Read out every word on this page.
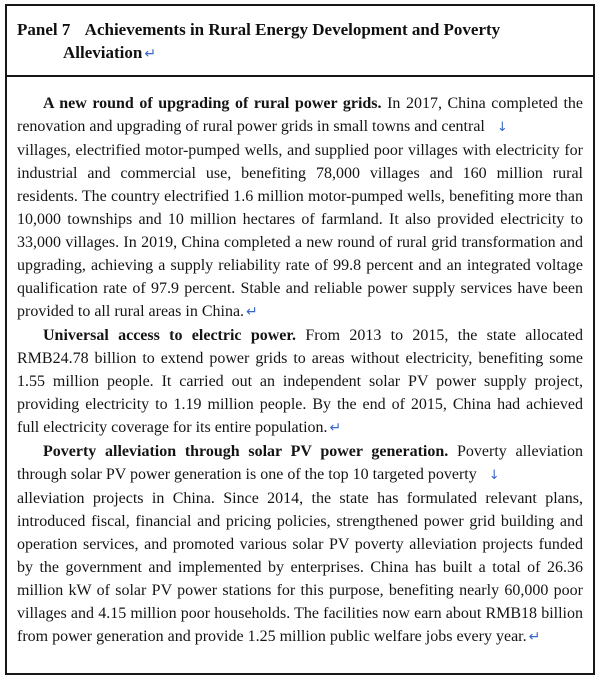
Panel 7 Achievements in Rural Energy Development and Poverty
Alleviation ↵

A new round of upgrading of rural power grids. In 2017, China completed the renovation and upgrading of rural power grids in small towns and central ↓
villages, electrified motor-pumped wells, and supplied poor villages with electricity for industrial and commercial use, benefiting 78,000 villages and 160 million rural residents. The country electrified 1.6 million motor-pumped wells, benefiting more than 10,000 townships and 10 million hectares of farmland. It also provided electricity to 33,000 villages. In 2019, China completed a new round of rural grid transformation and upgrading, achieving a supply reliability rate of 99.8 percent and an integrated voltage qualification rate of 97.9 percent. Stable and reliable power supply services have been provided to all rural areas in China. ↵

Universal access to electric power. From 2013 to 2015, the state allocated RMB24.78 billion to extend power grids to areas without electricity, benefiting some 1.55 million people. It carried out an independent solar PV power supply project, providing electricity to 1.19 million people. By the end of 2015, China had achieved full electricity coverage for its entire population. ↵

Poverty alleviation through solar PV power generation. Poverty alleviation through solar PV power generation is one of the top 10 targeted poverty ↓
alleviation projects in China. Since 2014, the state has formulated relevant plans, introduced fiscal, financial and pricing policies, strengthened power grid building and operation services, and promoted various solar PV poverty alleviation projects funded by the government and implemented by enterprises. China has built a total of 26.36 million kW of solar PV power stations for this purpose, benefiting nearly 60,000 poor villages and 4.15 million poor households. The facilities now earn about RMB18 billion from power generation and provide 1.25 million public welfare jobs every year. ↵
